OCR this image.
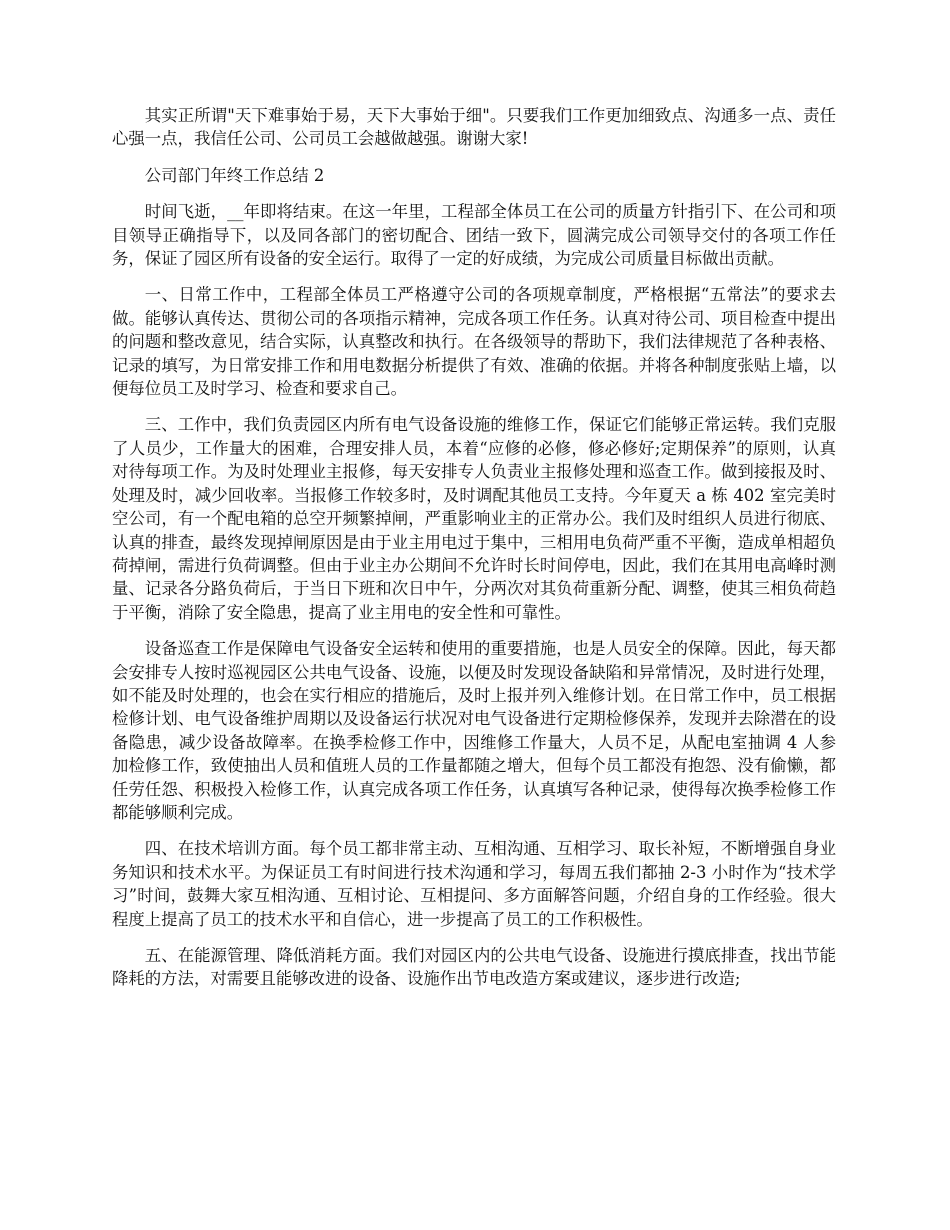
其实正所谓"天下难事始于易，天下大事始于细"。只要我们工作更加细致点、沟通多一点、责任心强一点，我信任公司、公司员工会越做越强。谢谢大家!

公司部门年终工作总结 2

时间飞逝，__年即将结束。在这一年里，工程部全体员工在公司的质量方针指引下、在公司和项目领导正确指导下，以及同各部门的密切配合、团结一致下，圆满完成公司领导交付的各项工作任务，保证了园区所有设备的安全运行。取得了一定的好成绩，为完成公司质量目标做出贡献。

一、日常工作中，工程部全体员工严格遵守公司的各项规章制度，严格根据“五常法”的要求去做。能够认真传达、贯彻公司的各项指示精神，完成各项工作任务。认真对待公司、项目检查中提出的问题和整改意见，结合实际，认真整改和执行。在各级领导的帮助下，我们法律规范了各种表格、记录的填写，为日常安排工作和用电数据分析提供了有效、准确的依据。并将各种制度张贴上墙，以便每位员工及时学习、检查和要求自己。

三、工作中，我们负责园区内所有电气设备设施的维修工作，保证它们能够正常运转。我们克服了人员少，工作量大的困难，合理安排人员，本着“应修的必修，修必修好;定期保养”的原则，认真对待每项工作。为及时处理业主报修，每天安排专人负责业主报修处理和巡查工作。做到接报及时、处理及时，减少回收率。当报修工作较多时，及时调配其他员工支持。今年夏天 a 栋 402 室完美时空公司，有一个配电箱的总空开频繁掉闸，严重影响业主的正常办公。我们及时组织人员进行彻底、认真的排查，最终发现掉闸原因是由于业主用电过于集中，三相用电负荷严重不平衡，造成单相超负荷掉闸，需进行负荷调整。但由于业主办公期间不允许时长时间停电，因此，我们在其用电高峰时测量、记录各分路负荷后，于当日下班和次日中午，分两次对其负荷重新分配、调整，使其三相负荷趋于平衡，消除了安全隐患，提高了业主用电的安全性和可靠性。

设备巡查工作是保障电气设备安全运转和使用的重要措施，也是人员安全的保障。因此，每天都会安排专人按时巡视园区公共电气设备、设施，以便及时发现设备缺陷和异常情况，及时进行处理，如不能及时处理的，也会在实行相应的措施后，及时上报并列入维修计划。在日常工作中，员工根据检修计划、电气设备维护周期以及设备运行状况对电气设备进行定期检修保养，发现并去除潜在的设备隐患，减少设备故障率。在换季检修工作中，因维修工作量大，人员不足，从配电室抽调 4 人参加检修工作，致使抽出人员和值班人员的工作量都随之增大，但每个员工都没有抱怨、没有偷懒，都任劳任怨、积极投入检修工作，认真完成各项工作任务，认真填写各种记录，使得每次换季检修工作都能够顺利完成。

四、在技术培训方面。每个员工都非常主动、互相沟通、互相学习、取长补短，不断增强自身业务知识和技术水平。为保证员工有时间进行技术沟通和学习，每周五我们都抽 2-3 小时作为“技术学习”时间，鼓舞大家互相沟通、互相讨论、互相提问、多方面解答问题，介绍自身的工作经验。很大程度上提高了员工的技术水平和自信心，进一步提高了员工的工作积极性。

五、在能源管理、降低消耗方面。我们对园区内的公共电气设备、设施进行摸底排查，找出节能降耗的方法，对需要且能够改进的设备、设施作出节电改造方案或建议，逐步进行改造;
